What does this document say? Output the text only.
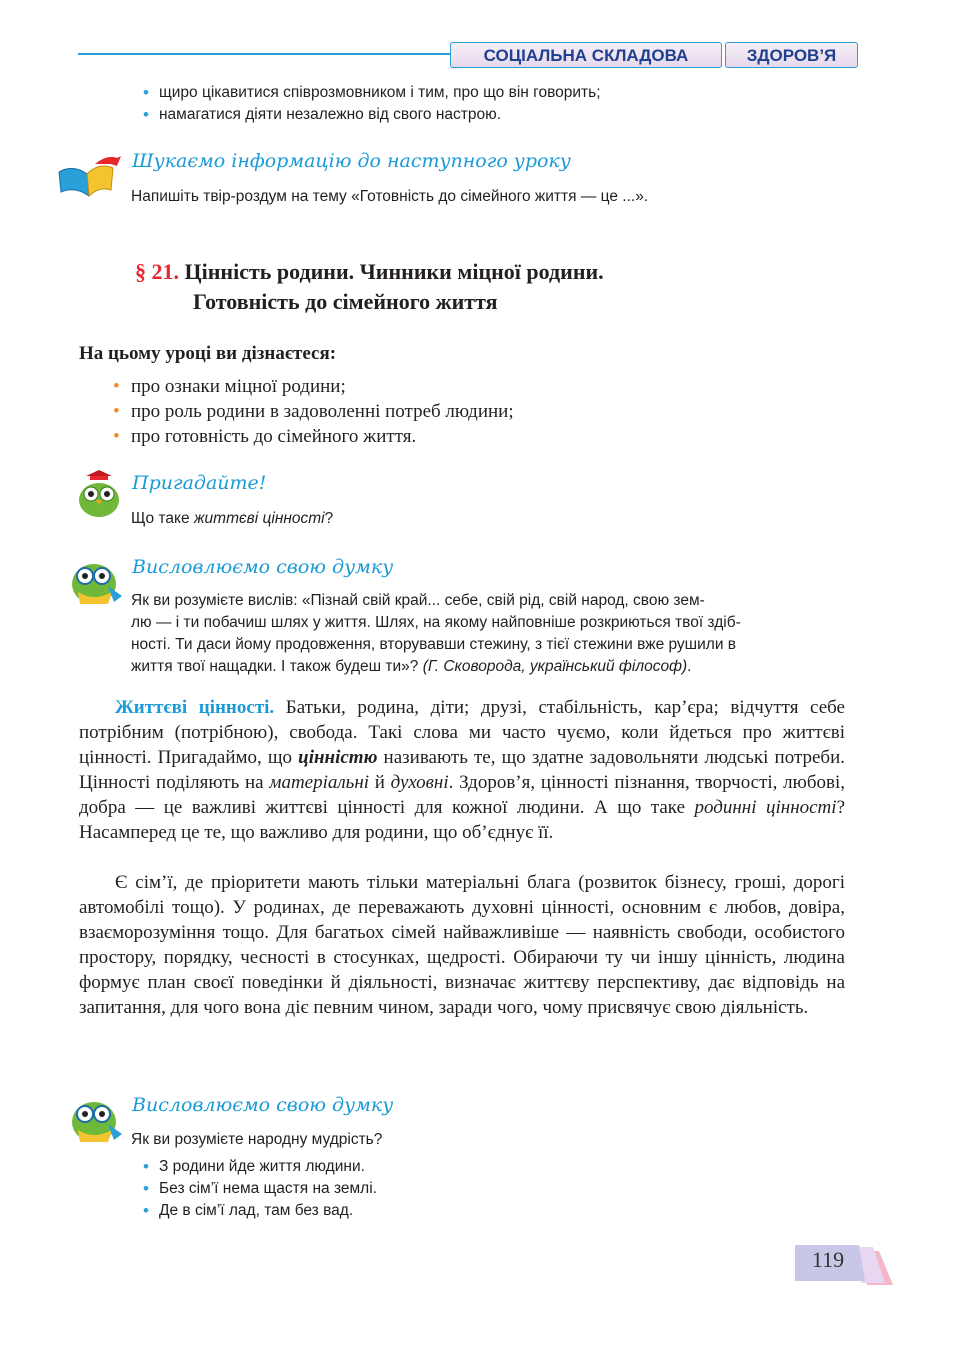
СОЦІАЛЬНА СКЛАДОВА	ЗДОРОВ’Я
• щиро цікавитися співрозмовником і тим, про що він говорить;
• намагатися діяти незалежно від свого настрою.
Шукаємо інформацію до наступного уроку
Напишіть твір-роздум на тему «Готовність до сімейного життя — це ...».
§ 21. Цінність родини. Чинники міцної родини.
Готовність до сімейного життя
На цьому уроці ви дізнаєтеся:
• про ознаки міцної родини;
• про роль родини в задоволенні потреб людини;
• про готовність до сімейного життя.
Пригадайте!
Що таке життєві цінності?
Висловлюємо свою думку
Як ви розумієте вислів: «Пізнай свій край... себе, свій рід, свій народ, свою зем-
лю — і ти побачиш шлях у життя. Шлях, на якому найповніше розкриються твої здіб-
ності. Ти даси йому продовження, вторувавши стежину, з тієї стежини вже рушили в
життя твої нащадки. І також будеш ти»? (Г. Сковорода, український філософ).
Життєві цінності. Батьки, родина, діти; друзі, стабільність, кар’єра; відчуття себе потрібним (потрібною), свобода. Такі слова ми часто чуємо, коли йдеться про життєві цінності. Пригадаймо, що цінністю називають те, що здатне задовольняти людські потреби. Цінності поділяють на матеріальні й духовні. Здоров’я, цінності пізнання, творчості, любові, добра — це важливі життєві цінності для кожної людини. А що таке родинні цінності? Насамперед це те, що важливо для родини, що об’єднує її.
Є сім’ї, де пріоритети мають тільки матеріальні блага (розвиток бізнесу, гроші, дорогі автомобілі тощо). У родинах, де переважають духовні цінності, основним є любов, довіра, взаєморозуміння тощо. Для багатьох сімей найважливіше — наявність свободи, особистого простору, порядку, чесності в стосунках, щедрості. Обираючи ту чи іншу цінність, людина формує план своєї поведінки й діяльності, визначає життєву перспективу, дає відповідь на запитання, для чого вона діє певним чином, заради чого, чому присвячує свою діяльність.
Висловлюємо свою думку
Як ви розумієте народну мудрість?
• З родини йде життя людини.
• Без сім’ї нема щастя на землі.
• Де в сім’ї лад, там без вад.
119
